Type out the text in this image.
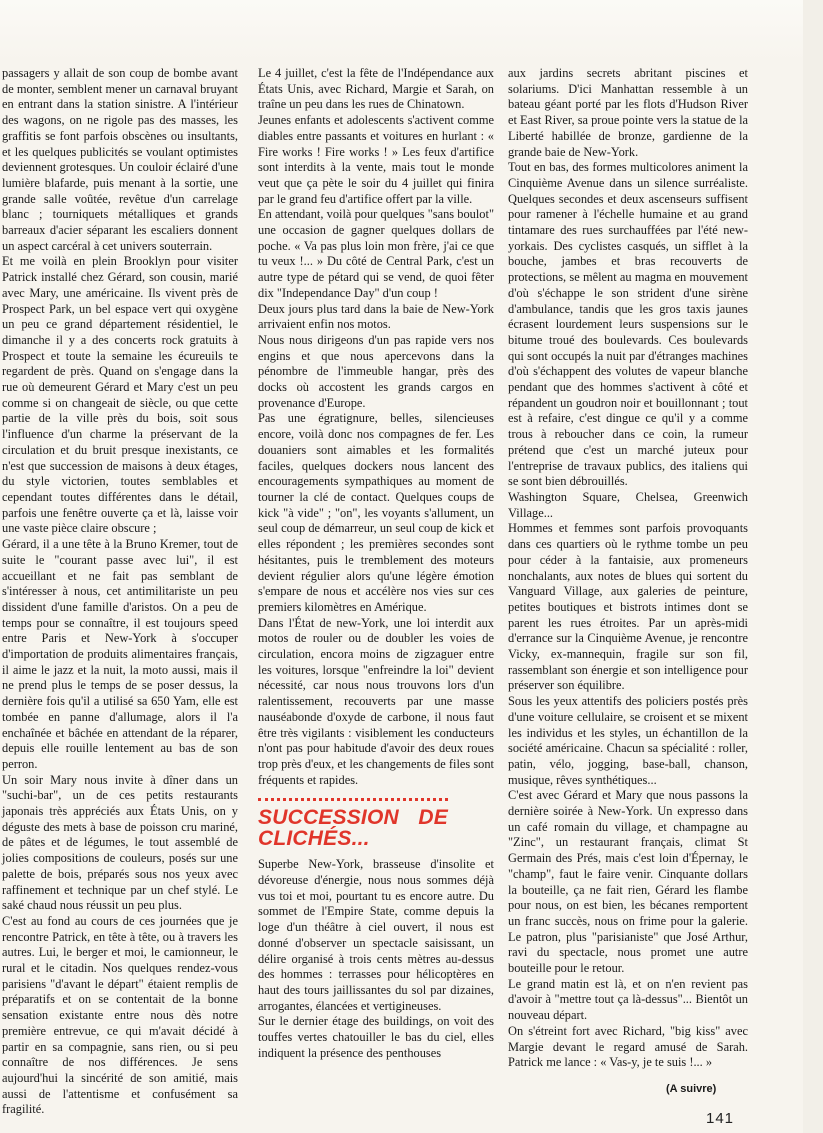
passagers y allait de son coup de bombe avant de monter, semblent mener un carnaval bruyant en entrant dans la station sinistre. A l'intérieur des wagons, on ne rigole pas des masses, les graffitis se font parfois obscènes ou insultants, et les quelques publicités se voulant optimistes deviennent grotesques. Un couloir éclairé d'une lumière blafarde, puis menant à la sortie, une grande salle voûtée, revêtue d'un carrelage blanc ; tourniquets métalliques et grands barreaux d'acier séparant les escaliers donnent un aspect carcéral à cet univers souterrain.

Et me voilà en plein Brooklyn pour visiter Patrick installé chez Gérard, son cousin, marié avec Mary, une américaine. Ils vivent près de Prospect Park, un bel espace vert qui oxygène un peu ce grand département résidentiel, le dimanche il y a des concerts rock gratuits à Prospect et toute la semaine les écureuils te regardent de près. Quand on s'engage dans la rue où demeurent Gérard et Mary c'est un peu comme si on changeait de siècle, ou que cette partie de la ville près du bois, soit sous l'influence d'un charme la préservant de la circulation et du bruit presque inexistants, ce n'est que succession de maisons à deux étages, du style victorien, toutes semblables et cependant toutes différentes dans le détail, parfois une fenêtre ouverte ça et là, laisse voir une vaste pièce claire obscure ;

Gérard, il a une tête à la Bruno Kremer, tout de suite le "courant passe avec lui", il est accueillant et ne fait pas semblant de s'intéresser à nous, cet antimilitariste un peu dissident d'une famille d'aristos. On a peu de temps pour se connaître, il est toujours speed entre Paris et New-York à s'occuper d'importation de produits alimentaires français, il aime le jazz et la nuit, la moto aussi, mais il ne prend plus le temps de se poser dessus, la dernière fois qu'il a utilisé sa 650 Yam, elle est tombée en panne d'allumage, alors il l'a enchaînée et bâchée en attendant de la réparer, depuis elle rouille lentement au bas de son perron.

Un soir Mary nous invite à dîner dans un "suchi-bar", un de ces petits restaurants japonais très appréciés aux États Unis, on y déguste des mets à base de poisson cru mariné, de pâtes et de légumes, le tout assemblé de jolies compositions de couleurs, posés sur une palette de bois, préparés sous nos yeux avec raffinement et technique par un chef stylé. Le saké chaud nous réussit un peu plus.

C'est au fond au cours de ces journées que je rencontre Patrick, en tête à tête, ou à travers les autres. Lui, le berger et moi, le camionneur, le rural et le citadin. Nos quelques rendez-vous parisiens "d'avant le départ" étaient remplis de préparatifs et on se contentait de la bonne sensation existante entre nous dès notre première entrevue, ce qui m'avait décidé à partir en sa compagnie, sans rien, ou si peu connaître de nos différences. Je sens aujourd'hui la sincérité de son amitié, mais aussi de l'attentisme et confusément sa fragilité.

Le 4 juillet, c'est la fête de l'Indépendance aux États Unis, avec Richard, Margie et Sarah, on traîne un peu dans les rues de Chinatown.

Jeunes enfants et adolescents s'activent comme diables entre passants et voitures en hurlant : « Fire works ! Fire works ! » Les feux d'artifice sont interdits à la vente, mais tout le monde veut que ça pète le soir du 4 juillet qui finira par le grand feu d'artifice offert par la ville.

En attendant, voilà pour quelques "sans boulot" une occasion de gagner quelques dollars de poche. « Va pas plus loin mon frère, j'ai ce que tu veux !... » Du côté de Central Park, c'est un autre type de pétard qui se vend, de quoi fêter dix "Independance Day" d'un coup !

Deux jours plus tard dans la baie de New-York arrivaient enfin nos motos.

Nous nous dirigeons d'un pas rapide vers nos engins et que nous apercevons dans la pénombre de l'immeuble hangar, près des docks où accostent les grands cargos en provenance d'Europe.

Pas une égratignure, belles, silencieuses encore, voilà donc nos compagnes de fer. Les douaniers sont aimables et les formalités faciles, quelques dockers nous lancent des encouragements sympathiques au moment de tourner la clé de contact. Quelques coups de kick "à vide" ; "on", les voyants s'allument, un seul coup de démarreur, un seul coup de kick et elles répondent ; les premières secondes sont hésitantes, puis le tremblement des moteurs devient régulier alors qu'une légère émotion s'empare de nous et accélère nos vies sur ces premiers kilomètres en Amérique.

Dans l'État de new-York, une loi interdit aux motos de rouler ou de doubler les voies de circulation, encora moins de zigzaguer entre les voitures, lorsque "enfreindre la loi" devient nécessité, car nous nous trouvons lors d'un ralentissement, recouverts par une masse nauséabonde d'oxyde de carbone, il nous faut être très vigilants : visiblement les conducteurs n'ont pas pour habitude d'avoir des deux roues trop près d'eux, et les changements de files sont fréquents et rapides.

SUCCESSION DE CLICHÉS...

Superbe New-York, brasseuse d'insolite et dévoreuse d'énergie, nous nous sommes déjà vus toi et moi, pourtant tu es encore autre. Du sommet de l'Empire State, comme depuis la loge d'un théâtre à ciel ouvert, il nous est donné d'observer un spectacle saisissant, un délire organisé à trois cents mètres au-dessus des hommes : terrasses pour hélicoptères en haut des tours jaillissantes du sol par dizaines, arrogantes, élancées et vertigineuses.

Sur le dernier étage des buildings, on voit des touffes vertes chatouiller le bas du ciel, elles indiquent la présence des penthouses

aux jardins secrets abritant piscines et solariums. D'ici Manhattan ressemble à un bateau géant porté par les flots d'Hudson River et East River, sa proue pointe vers la statue de la Liberté habillée de bronze, gardienne de la grande baie de New-York.

Tout en bas, des formes multicolores animent la Cinquième Avenue dans un silence surréaliste. Quelques secondes et deux ascenseurs suffisent pour ramener à l'échelle humaine et au grand tintamare des rues surchauffées par l'été new-yorkais. Des cyclistes casqués, un sifflet à la bouche, jambes et bras recouverts de protections, se mêlent au magma en mouvement d'où s'échappe le son strident d'une sirène d'ambulance, tandis que les gros taxis jaunes écrasent lourdement leurs suspensions sur le bitume troué des boulevards. Ces boulevards qui sont occupés la nuit par d'étranges machines d'où s'échappent des volutes de vapeur blanche pendant que des hommes s'activent à côté et répandent un goudron noir et bouillonnant ; tout est à refaire, c'est dingue ce qu'il y a comme trous à reboucher dans ce coin, la rumeur prétend que c'est un marché juteux pour l'entreprise de travaux publics, des italiens qui se sont bien débrouillés.

Washington Square, Chelsea, Greenwich Village...

Hommes et femmes sont parfois provoquants dans ces quartiers où le rythme tombe un peu pour céder à la fantaisie, aux promeneurs nonchalants, aux notes de blues qui sortent du Vanguard Village, aux galeries de peinture, petites boutiques et bistrots intimes dont se parent les rues étroites. Par un après-midi d'errance sur la Cinquième Avenue, je rencontre Vicky, ex-mannequin, fragile sur son fil, rassemblant son énergie et son intelligence pour préserver son équilibre.

Sous les yeux attentifs des policiers postés près d'une voiture cellulaire, se croisent et se mixent les individus et les styles, un échantillon de la société américaine. Chacun sa spécialité : roller, patin, vélo, jogging, base-ball, chanson, musique, rêves synthétiques...

C'est avec Gérard et Mary que nous passons la dernière soirée à New-York. Un expresso dans un café romain du village, et champagne au "Zinc", un restaurant français, climat St Germain des Prés, mais c'est loin d'Épernay, le "champ", faut le faire venir. Cinquante dollars la bouteille, ça ne fait rien, Gérard les flambe pour nous, on est bien, les bécanes remportent un franc succès, nous on frime pour la galerie. Le patron, plus "parisianiste" que José Arthur, ravi du spectacle, nous promet une autre bouteille pour le retour.

Le grand matin est là, et on n'en revient pas d'avoir à "mettre tout ça là-dessus"... Bientôt un nouveau départ.

On s'étreint fort avec Richard, "big kiss" avec Margie devant le regard amusé de Sarah. Patrick me lance : « Vas-y, je te suis !... »

(A suivre)
141
